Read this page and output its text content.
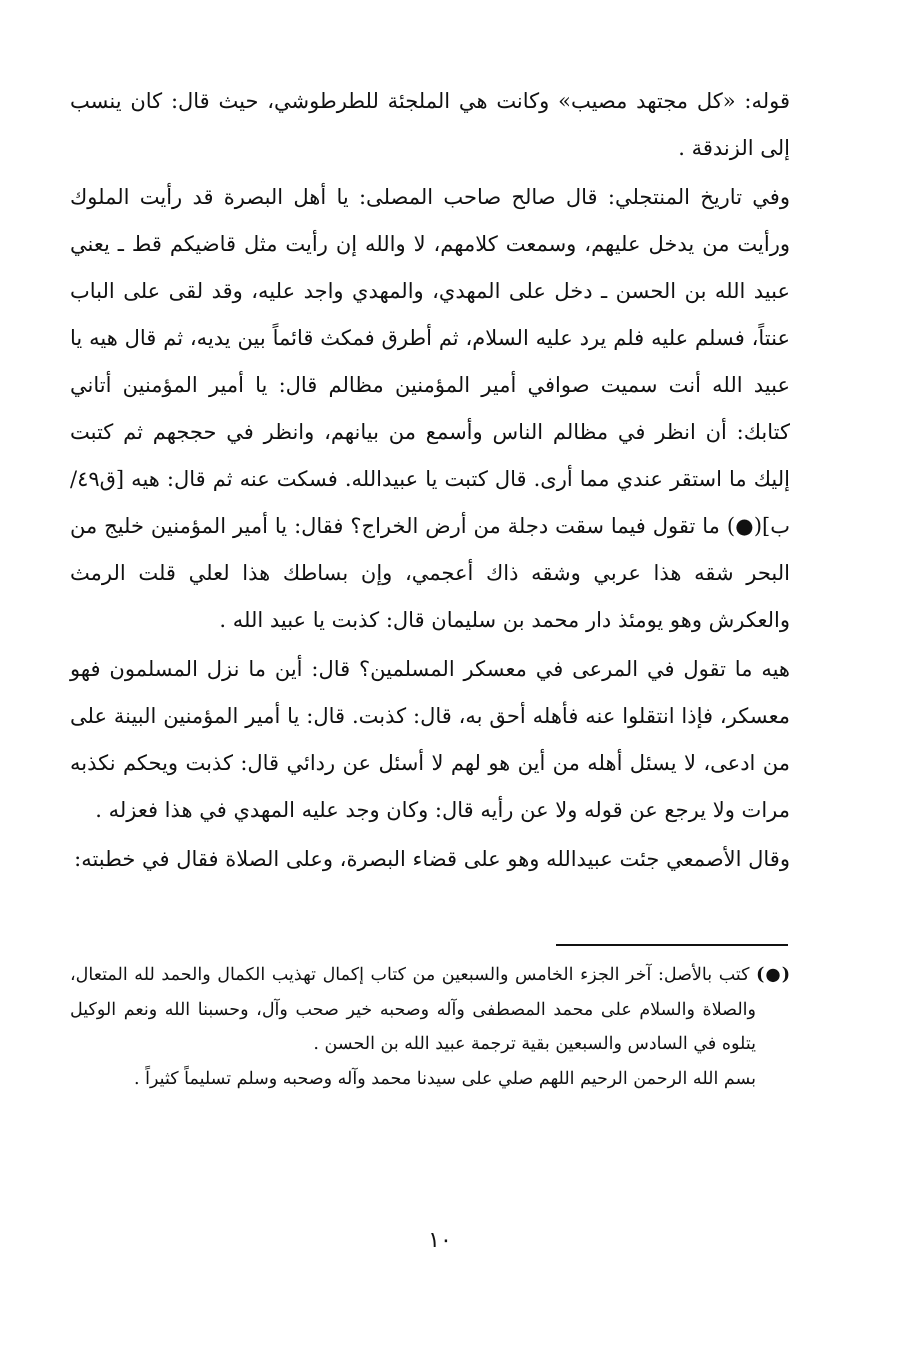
قوله: «كل مجتهد مصيب» وكانت هي الملجئة للطرطوشي، حيث قال: كان ينسب إلى الزندقة .

وفي تاريخ المنتجلي: قال صالح صاحب المصلى: يا أهل البصرة قد رأيت الملوك ورأيت من يدخل عليهم، وسمعت كلامهم، لا والله إن رأيت مثل قاضيكم قط ـ يعني عبيد الله بن الحسن ـ دخل على المهدي، والمهدي واجد عليه، وقد لقى على الباب عنتاً، فسلم عليه فلم يرد عليه السلام، ثم أطرق فمكث قائماً بين يديه، ثم قال هيه يا عبيد الله أنت سميت صوافي أمير المؤمنين مظالم قال: يا أمير المؤمنين أتاني كتابك: أن انظر في مظالم الناس وأسمع من بيانهم، وانظر في حججهم ثم كتبت إليك ما استقر عندي مما أرى. قال كتبت يا عبيدالله. فسكت عنه ثم قال: هيه [ق٤٩/ ب](●) ما تقول فيما سقت دجلة من أرض الخراج؟ فقال: يا أمير المؤمنين خليج من البحر شقه هذا عربي وشقه ذاك أعجمي، وإن بساطك هذا لعلي قلت الرمث والعكرش وهو يومئذ دار محمد بن سليمان قال: كذبت يا عبيد الله .

هيه ما تقول في المرعى في معسكر المسلمين؟ قال: أين ما نزل المسلمون فهو معسكر، فإذا انتقلوا عنه فأهله أحق به، قال: كذبت. قال: يا أمير المؤمنين البينة على من ادعى، لا يسئل أهله من أين هو لهم لا أسئل عن ردائي قال: كذبت ويحكم نكذبه مرات ولا يرجع عن قوله ولا عن رأيه قال: وكان وجد عليه المهدي في هذا فعزله .

وقال الأصمعي جئت عبيدالله وهو على قضاء البصرة، وعلى الصلاة فقال في خطبته:

(●) كتب بالأصل: آخر الجزء الخامس والسبعين من كتاب إكمال تهذيب الكمال والحمد لله المتعال، والصلاة والسلام على محمد المصطفى وآله وصحبه خير صحب وآل، وحسبنا الله ونعم الوكيل يتلوه في السادس والسبعين بقية ترجمة عبيد الله بن الحسن .

بسم الله الرحمن الرحيم اللهم صلي على سيدنا محمد وآله وصحبه وسلم تسليماً كثيراً .

١٠
